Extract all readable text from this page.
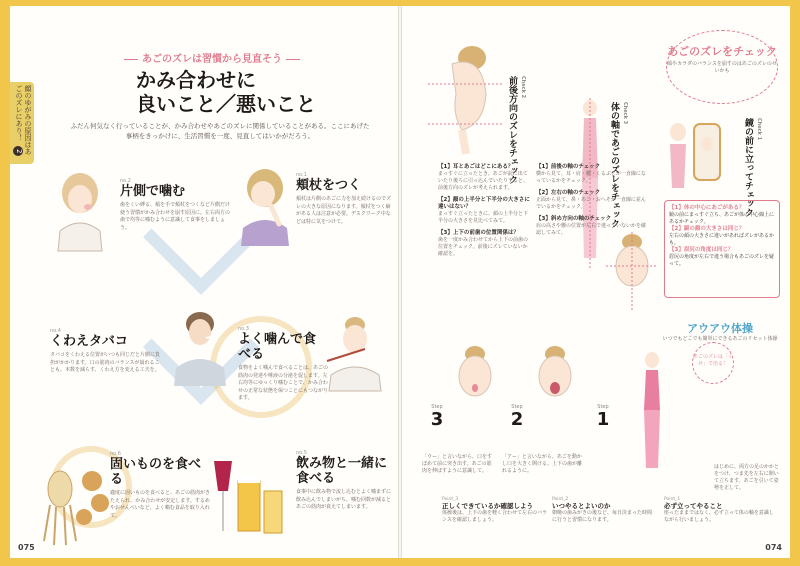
顔のゆがみの原因はあごのズレにあり！ 2
あごのズレは習慣から見直そう
かみ合わせに
良いこと／悪いこと
ふだん何気なく行っていることが、かみ合わせやあごのズレに関係していることがある。ここにあげた事柄をきっかけに、生活習慣を一度、見直してはいかがだろう。
no.2
片側で噛む
歯をくい縛る、頬を手で頬杖をつくなど片側だけ使う習慣がかみ合わせを崩す原因に。左右両方の歯で均等に噛むように意識して食事をしましょう。
no.1
頬杖をつく
頬杖は片側のあごに力を加え続けるのでズレの大きな原因になります。頬杖をつく癖がある人は注意が必要。デスクワーク中などは特に気をつけて。
no.4
くわえタバコ
タバコをくわえる位置がいつも同じだと片側に負担がかかります。口の筋肉のバランスが崩れることも。本数を減らす、くわえ方を変える工夫を。
no.3
よく噛んで食べる
食物をよく噛んで食べることは、あごの筋肉の発達や唾液の分泌を促します。左右均等にゆっくり噛むことで、かみ合わせの正常な状態を保つことにもつながります。
no.6
固いものを食べる
適度に固いものを食べると、あごの筋肉がきたえられ、かみ合わせが安定します。するめやおせんべいなど、よく噛む食品を取り入れて。
no.5
飲み物と一緒に食べる
食事中に飲み物で流し込むとよく噛まずに飲み込んでしまいがち。噛む回数が減るとあごの筋肉が衰えてしまいます。
075
Check 2
前後方向のズレをチェック	Check 3
体の軸であごのズレをチェック
あごのズレをチェック
顔やカラダのバランスを崩すのはあごのズレのせいかも
Check 1
鏡の前に立ってチェック
【1】耳とあごはどこにある？
まっすぐに立ったとき、あごが前に出ていたり後ろに引っ込んでいたりすると、前後方向のズレが考えられます。
【2】顔の上半分と下半分の大きさに違いはない？
まっすぐ立ったときに、顔の上半分と下半分の大きさを見比べてみて。
【3】上下の前歯の位置関係は？
歯を一度かみ合わせてから上下の前歯の位置をチェック。前後にズレていないか確認を。
【1】前後の軸のチェック
横から見て、耳・肩・腰・くるぶしが一直線になっているかをチェック。
【2】左右の軸のチェック
正面から見て、鼻・あご・おへそが一直線に並んでいるかをチェック。
【3】斜め方向の軸のチェック
肩の高さや腰の位置が左右で違っていないかを確認してみて。
【1】体の中心にあごがある？
鏡の前にまっすぐ立ち、あごが体の中心線上にあるかチェック。
【2】鏡の顔の大きさは同じ？
左右の顔の大きさに違いがあればズレがあるかも。
【3】眉尻の角度は同じ？
眉尻の角度が左右で違う場合もあごのズレを疑って。
あごのズレは「くせ」で治る！
アウアウ体操
いつでもどこでも簡単にできるあごのリセット体操
Step
3
Step
2
Step
1
「ウー」と言いながら、口をすぼめて前に突き出す。あごの筋肉を伸ばすように意識して。
「アー」と言いながら、あごを動かし口を大きく開ける。上下の歯が離れるように。
はじめに、両方の足のかかとをつけ、つま先を左右に開いて立ちます。あごを引いて姿勢を正して。
Point_3
正しくできているか確認しよう
体操後は、上下の歯を軽く合わせて左右のバランスを確認しましょう。
Point_2
いつやるとよいのか
朝晩の歯みがきの後など、毎日決まった時間に行うと習慣になります。
Point_1
必ず立ってやること
座ったままではなく、必ず立って体の軸を意識しながら行いましょう。
074
